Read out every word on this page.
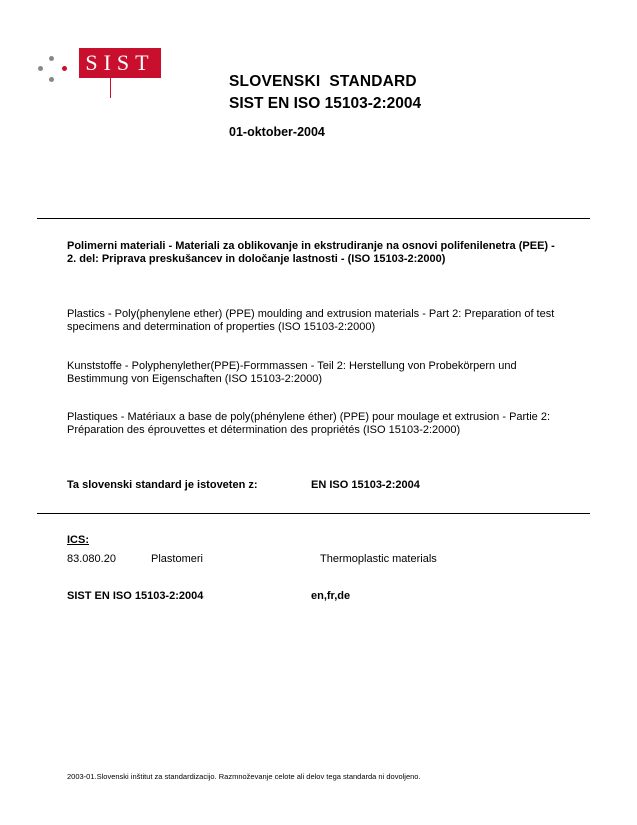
SIST
SLOVENSKI  STANDARD
SIST EN ISO 15103-2:2004
01-oktober-2004
Polimerni materiali - Materiali za oblikovanje in ekstrudiranje na osnovi polifenilenetra (PEE) - 2. del: Priprava preskušancev in določanje lastnosti - (ISO 15103-2:2000)
Plastics - Poly(phenylene ether) (PPE) moulding and extrusion materials - Part 2: Preparation of test specimens and determination of properties (ISO 15103-2:2000)
Kunststoffe - Polyphenylether(PPE)-Formmassen - Teil 2: Herstellung von Probekörpern und Bestimmung von Eigenschaften (ISO 15103-2:2000)
Plastiques - Matériaux a base de poly(phénylene éther) (PPE) pour moulage et extrusion - Partie 2: Préparation des éprouvettes et détermination des propriétés (ISO 15103-2:2000)
Ta slovenski standard je istoveten z:	EN ISO 15103-2:2004
ICS:
83.080.20	Plastomeri	Thermoplastic materials
SIST EN ISO 15103-2:2004	en,fr,de
2003-01.Slovenski inštitut za standardizacijo. Razmnoževanje celote ali delov tega standarda ni dovoljeno.
